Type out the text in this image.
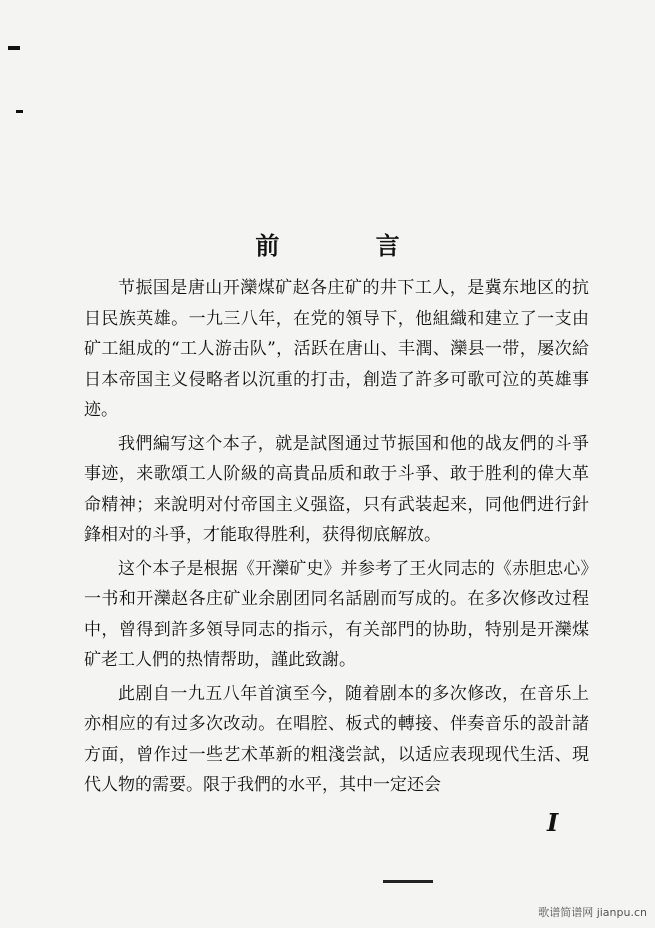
前 言

节振国是唐山开灤煤矿赵各庄矿的井下工人，是冀东地区的抗日民族英雄。一九三八年，在党的領导下，他組織和建立了一支由矿工組成的“工人游击队”，活跃在唐山、丰潤、灤县一带，屡次給日本帝国主义侵略者以沉重的打击，創造了許多可歌可泣的英雄事迹。

我們編写这个本子，就是試图通过节振国和他的战友們的斗爭事迹，来歌頌工人阶級的高貴品质和敢于斗爭、敢于胜利的偉大革命精神；来說明对付帝国主义强盜，只有武装起来，同他們进行針鋒相对的斗爭，才能取得胜利，获得彻底解放。

这个本子是根据《开灤矿史》并参考了王火同志的《赤胆忠心》一书和开灤赵各庄矿业余剧团同名話剧而写成的。在多次修改过程中，曾得到許多領导同志的指示，有关部門的协助，特别是开灤煤矿老工人們的热情帮助，謹此致謝。

此剧自一九五八年首演至今，随着剧本的多次修改，在音乐上亦相应的有过多次改动。在唱腔、板式的轉接、伴奏音乐的設計諸方面，曾作过一些艺术革新的粗淺尝試，以适应表现现代生活、現代人物的需要。限于我們的水平，其中一定还会

I
歌谱简谱网 jianpu.cn
